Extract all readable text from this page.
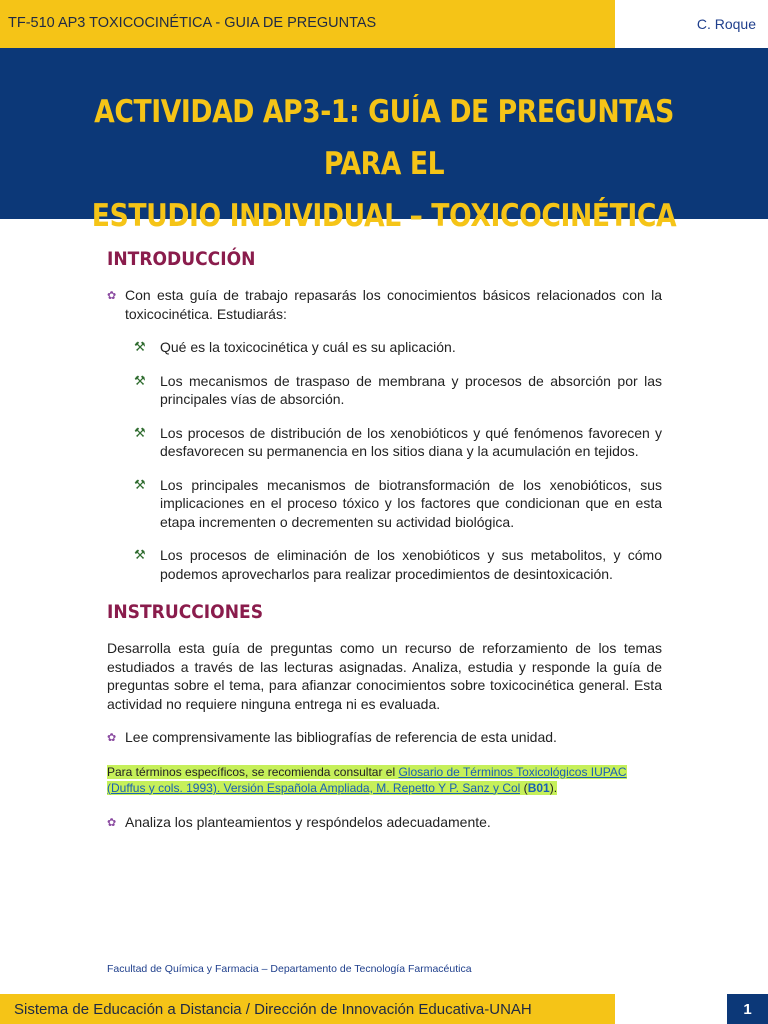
TF-510 AP3 TOXICOCINÉTICA - GUIA DE PREGUNTAS	C. Roque
ACTIVIDAD AP3-1: GUÍA DE PREGUNTAS PARA EL
ESTUDIO INDIVIDUAL – TOXICOCINÉTICA
INTRODUCCIÓN
✿ Con esta guía de trabajo repasarás los conocimientos básicos relacionados con la toxicocinética. Estudiarás:
⚒	Qué es la toxicocinética y cuál es su aplicación.
⚒	Los mecanismos de traspaso de membrana y procesos de absorción por las principales vías de absorción.
⚒	Los procesos de distribución de los xenobióticos y qué fenómenos favorecen y desfavorecen su permanencia en los sitios diana y la acumulación en tejidos.
⚒	Los principales mecanismos de biotransformación de los xenobióticos, sus implicaciones en el proceso tóxico y los factores que condicionan que en esta etapa incrementen o decrementen su actividad biológica.
⚒	Los procesos de eliminación de los xenobióticos y sus metabolitos, y cómo podemos aprovecharlos para realizar procedimientos de desintoxicación.
INSTRUCCIONES

Desarrolla esta guía de preguntas como un recurso de reforzamiento de los temas estudiados a través de las lecturas asignadas. Analiza, estudia y responde la guía de preguntas sobre el tema, para afianzar conocimientos sobre toxicocinética general. Esta actividad no requiere ninguna entrega ni es evaluada.

✿ Lee comprensivamente las bibliografías de referencia de esta unidad.
Para términos específicos, se recomienda consultar el Glosario de Términos Toxicológicos IUPAC (Duffus y cols. 1993). Versión Española Ampliada, M. Repetto Y P. Sanz y Col (B01).
✿ Analiza los planteamientos y respóndelos adecuadamente.
Facultad de Química y Farmacia – Departamento de Tecnología Farmacéutica
Sistema de Educación a Distancia / Dirección de Innovación Educativa-UNAH	1
